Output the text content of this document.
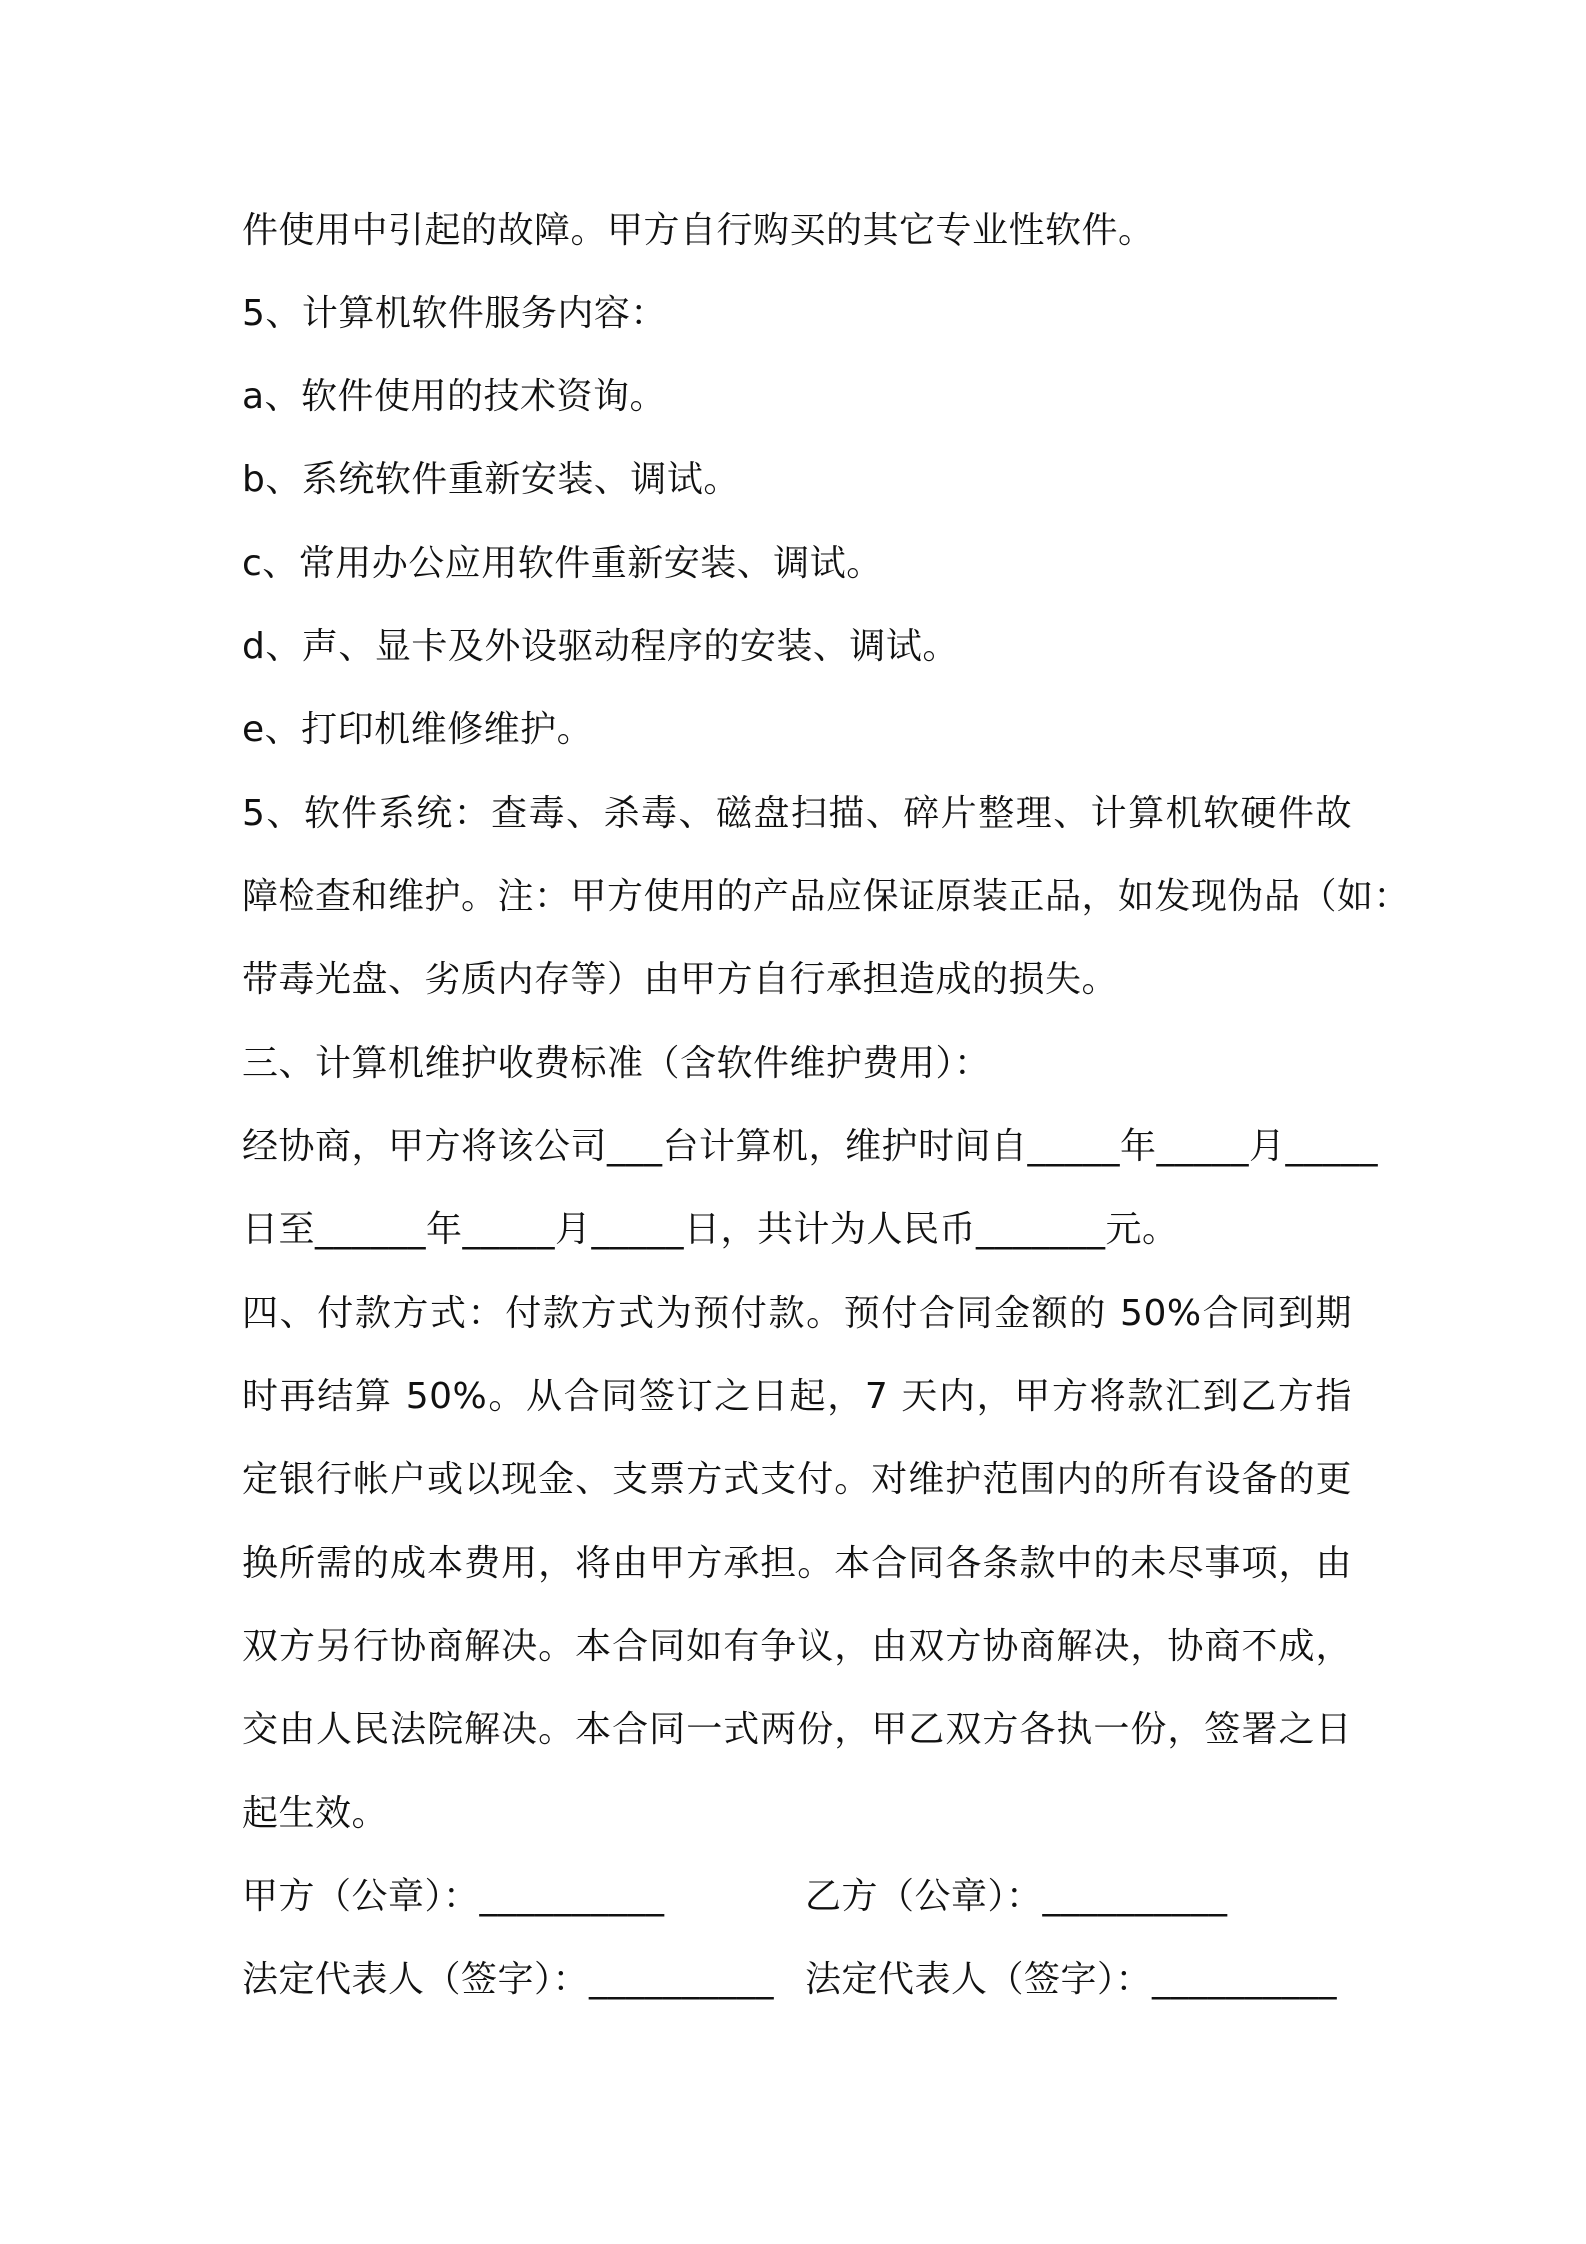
件使用中引起的故障。甲方自行购买的其它专业性软件。
5、计算机软件服务内容：
a、软件使用的技术资询。
b、系统软件重新安装、调试。
c、常用办公应用软件重新安装、调试。
d、声、显卡及外设驱动程序的安装、调试。
e、打印机维修维护。
5、软件系统：查毒、杀毒、磁盘扫描、碎片整理、计算机软硬件故
障检查和维护。注：甲方使用的产品应保证原装正品，如发现伪品（如：
带毒光盘、劣质内存等）由甲方自行承担造成的损失。
三、计算机维护收费标准（含软件维护费用）：
经协商，甲方将该公司___台计算机，维护时间自_____年_____月_____
日至______年_____月_____日，共计为人民币_______元。
四、付款方式：付款方式为预付款。预付合同金额的 50%合同到期
时再结算 50%。从合同签订之日起，7 天内，甲方将款汇到乙方指
定银行帐户或以现金、支票方式支付。对维护范围内的所有设备的更
换所需的成本费用，将由甲方承担。本合同各条款中的未尽事项，由
双方另行协商解决。本合同如有争议，由双方协商解决，协商不成，
交由人民法院解决。本合同一式两份，甲乙双方各执一份，签署之日
起生效。
甲方（公章）：__________	乙方（公章）：__________
法定代表人（签字）：__________ 法定代表人（签字）：__________
